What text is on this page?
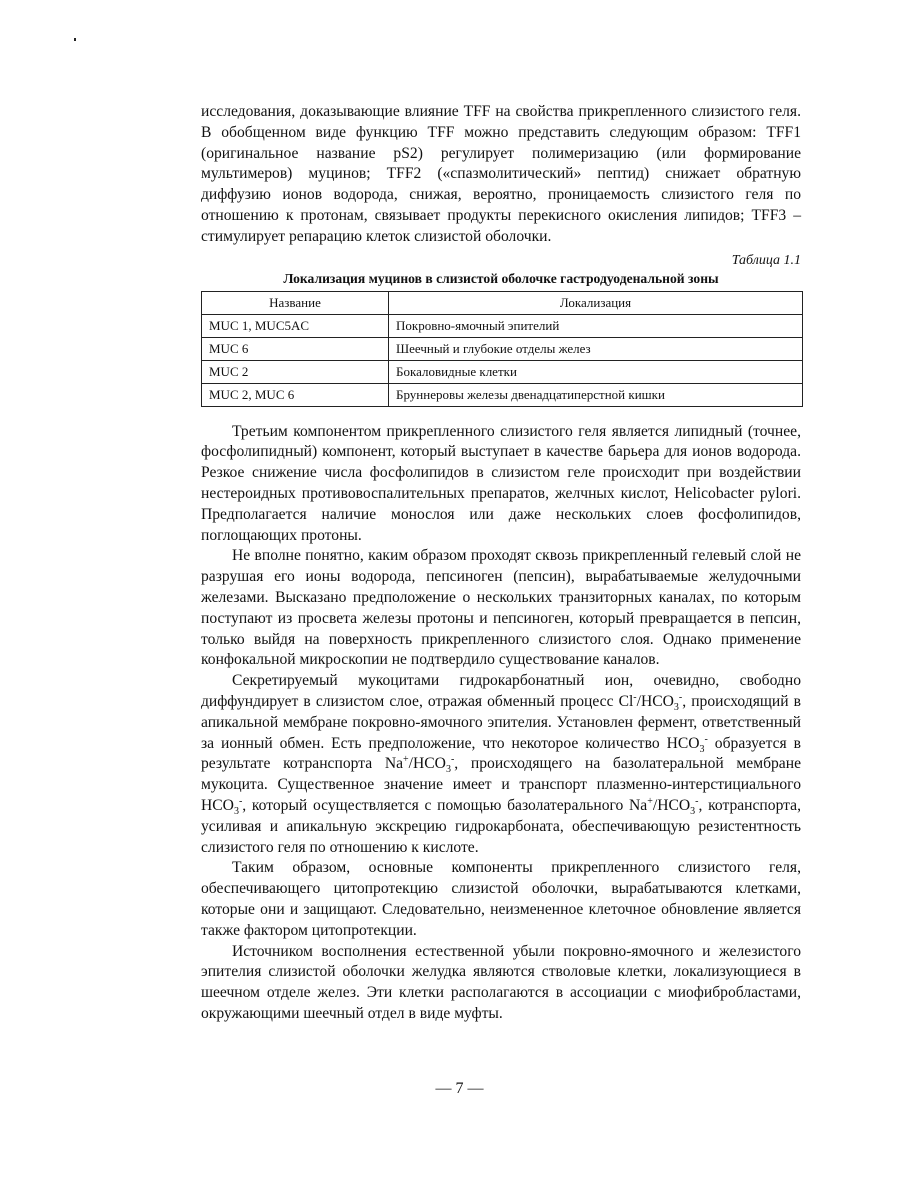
исследования, доказывающие влияние TFF на свойства прикрепленного слизистого геля. В обобщенном виде функцию TFF можно представить следующим образом: TFF1 (оригинальное название pS2) регулирует полимеризацию (или формирование мультимеров) муцинов; TFF2 («спазмолитический» пептид) снижает обратную диффузию ионов водорода, снижая, вероятно, проницаемость слизистого геля по отношению к протонам, связывает продукты перекисного окисления липидов; TFF3 – стимулирует репарацию клеток слизистой оболочки.

Таблица 1.1

Локализация муцинов в слизистой оболочке гастродуоденальной зоны

Название	Локализация
MUC 1, MUC5AC	Покровно-ямочный эпителий
MUC 6	Шеечный и глубокие отделы желез
MUC 2	Бокаловидные клетки
MUC 2, MUC 6	Бруннеровы железы двенадцатиперстной кишки

Третьим компонентом прикрепленного слизистого геля является липидный (точнее, фосфолипидный) компонент, который выступает в качестве барьера для ионов водорода. Резкое снижение числа фосфолипидов в слизистом геле происходит при воздействии нестероидных противовоспалительных препаратов, желчных кислот, Helicobacter pylori. Предполагается наличие монослоя или даже нескольких слоев фосфолипидов, поглощающих протоны.

Не вполне понятно, каким образом проходят сквозь прикрепленный гелевый слой не разрушая его ионы водорода, пепсиноген (пепсин), вырабатываемые желудочными железами. Высказано предположение о нескольких транзиторных каналах, по которым поступают из просвета железы протоны и пепсиноген, который превращается в пепсин, только выйдя на поверхность прикрепленного слизистого слоя. Однако применение конфокальной микроскопии не подтвердило существование каналов.

Секретируемый мукоцитами гидрокарбонатный ион, очевидно, свободно диффундирует в слизистом слое, отражая обменный процесс $Cl^-/HCO_3^-$, происходящий в апикальной мембране покровно-ямочного эпителия. Установлен фермент, ответственный за ионный обмен. Есть предположение, что некоторое количество $HCO_3^-$ образуется в результате котранспорта $Na^+/HCO_3^-$, происходящего на базолатеральной мембране мукоцита. Существенное значение имеет и транспорт плазменно-интерстициального $HCO_3^-$, который осуществляется с помощью базолатерального $Na^+/HCO_3^-$, котранспорта, усиливая и апикальную экскрецию гидрокарбоната, обеспечивающую резистентность слизистого геля по отношению к кислоте.

Таким образом, основные компоненты прикрепленного слизистого геля, обеспечивающего цитопротекцию слизистой оболочки, вырабатываются клетками, которые они и защищают. Следовательно, неизмененное клеточное обновление является также фактором цитопротекции.

Источником восполнения естественной убыли покровно-ямочного и железистого эпителия слизистой оболочки желудка являются стволовые клетки, локализующиеся в шеечном отделе желез. Эти клетки располагаются в ассоциации с миофибробластами, окружающими шеечный отдел в виде муфты.

— 7 —
